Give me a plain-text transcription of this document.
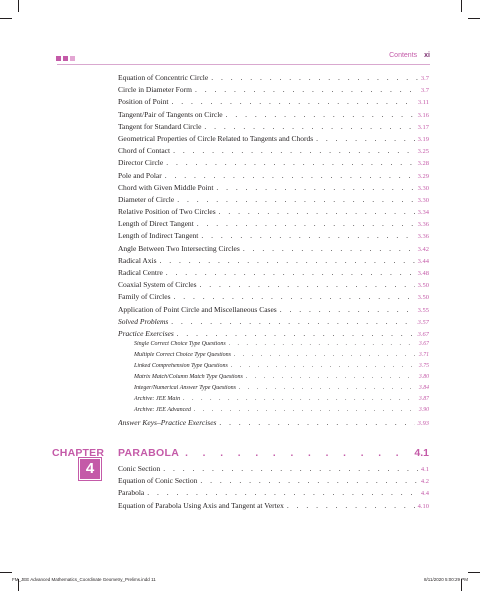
Contents xi
Equation of Concentric Circle . . .	3.7
Circle in Diameter Form . . .	3.7
Position of Point . . .	3.11
Tangent/Pair of Tangents on Circle . . .	3.16
Tangent for Standard Circle . . .	3.17
Geometrical Properties of Circle Related to Tangents and Chords . . .	3.19
Chord of Contact . . .	3.25
Director Circle . . .	3.28
Pole and Polar . . .	3.29
Chord with Given Middle Point . . .	3.30
Diameter of Circle . . .	3.30
Relative Position of Two Circles . . .	3.34
Length of Direct Tangent . . .	3.36
Length of Indirect Tangent . . .	3.36
Angle Between Two Intersecting Circles . . .	3.42
Radical Axis . . .	3.44
Radical Centre . . .	3.48
Coaxial System of Circles . . .	3.50
Family of Circles . . .	3.50
Application of Point Circle and Miscellaneous Cases . . .	3.55
Solved Problems . . .	3.57
Practice Exercises . . .	3.67
Single Correct Choice Type Questions . . .	3.67
Multiple Correct Choice Type Questions . . .	3.71
Linked Comprehension Type Questions . . .	3.75
Matrix Match/Column Match Type Questions . . .	3.80
Integer/Numerical Answer Type Questions . . .	3.84
Archive: JEE Main . . .	3.87
Archive: JEE Advanced . . .	3.90
Answer Keys–Practice Exercises . . .	3.93
CHAPTER
4
PARABOLA . . .	4.1
Conic Section . . .	4.1
Equation of Conic Section . . .	4.2
Parabola . . .	4.4
Equation of Parabola Using Axis and Tangent at Vertex . . .	4.10
FM_JEE Advanced Mathematics_Coordinate Geometry_Prelims.indd 11	8/11/2020 5:00:29 PM
